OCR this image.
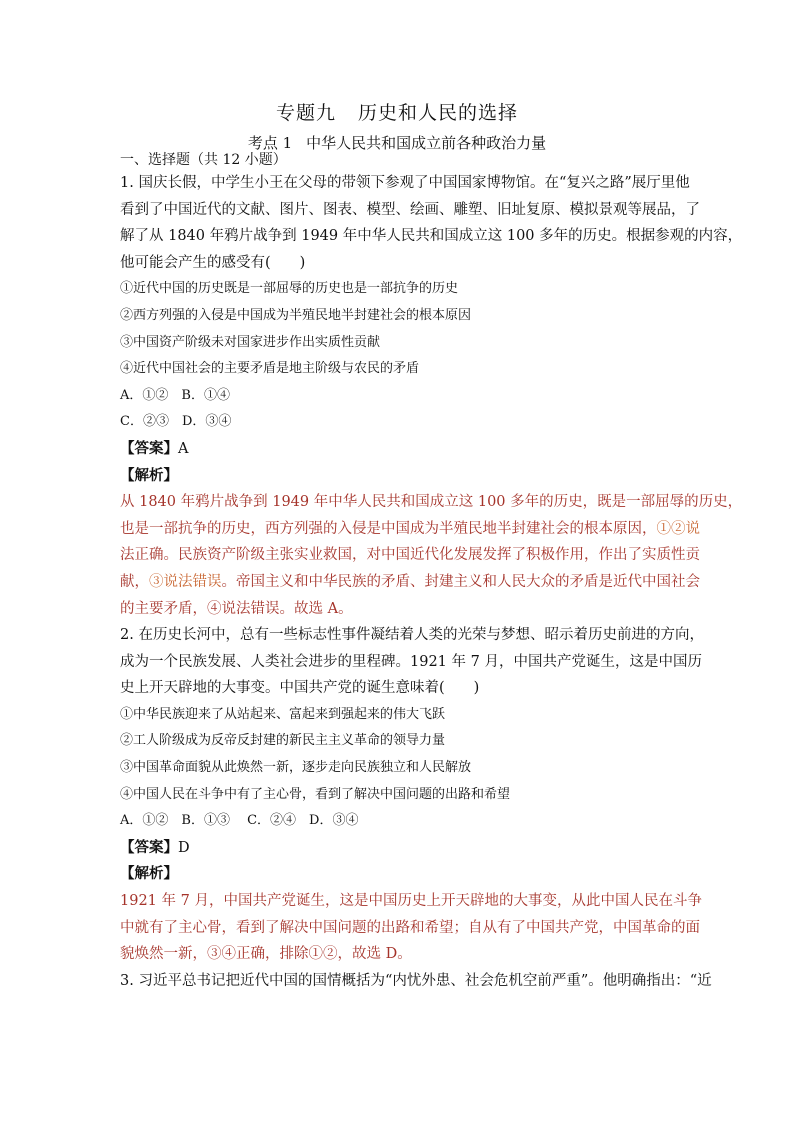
专题九 历史和人民的选择
考点 1 中华人民共和国成立前各种政治力量
一、选择题（共 12 小题）
1. 国庆长假，中学生小王在父母的带领下参观了中国国家博物馆。在“复兴之路”展厅里他
看到了中国近代的文献、图片、图表、模型、绘画、雕塑、旧址复原、模拟景观等展品，了
解了从 1840 年鸦片战争到 1949 年中华人民共和国成立这 100 多年的历史。根据参观的内容，
他可能会产生的感受有(　　)
①近代中国的历史既是一部屈辱的历史也是一部抗争的历史
②西方列强的入侵是中国成为半殖民地半封建社会的根本原因
③中国资产阶级未对国家进步作出实质性贡献
④近代中国社会的主要矛盾是地主阶级与农民的矛盾
A．①②　B．①④
C．②③　D．③④
【答案】A
【解析】
从 1840 年鸦片战争到 1949 年中华人民共和国成立这 100 多年的历史，既是一部屈辱的历史，
也是一部抗争的历史，西方列强的入侵是中国成为半殖民地半封建社会的根本原因，①②说
法正确。民族资产阶级主张实业救国，对中国近代化发展发挥了积极作用，作出了实质性贡
献，③说法错误。帝国主义和中华民族的矛盾、封建主义和人民大众的矛盾是近代中国社会
的主要矛盾，④说法错误。故选 A。
2. 在历史长河中，总有一些标志性事件凝结着人类的光荣与梦想、昭示着历史前进的方向，
成为一个民族发展、人类社会进步的里程碑。1921 年 7 月，中国共产党诞生，这是中国历
史上开天辟地的大事变。中国共产党的诞生意味着(　　)
①中华民族迎来了从站起来、富起来到强起来的伟大飞跃
②工人阶级成为反帝反封建的新民主主义革命的领导力量
③中国革命面貌从此焕然一新，逐步走向民族独立和人民解放
④中国人民在斗争中有了主心骨，看到了解决中国问题的出路和希望
A．①②　B．①③　 C．②④　D．③④
【答案】D
【解析】
1921 年 7 月，中国共产党诞生，这是中国历史上开天辟地的大事变，从此中国人民在斗争
中就有了主心骨，看到了解决中国问题的出路和希望；自从有了中国共产党，中国革命的面
貌焕然一新，③④正确，排除①②，故选 D。
3. 习近平总书记把近代中国的国情概括为“内忧外患、社会危机空前严重”。他明确指出：“近
